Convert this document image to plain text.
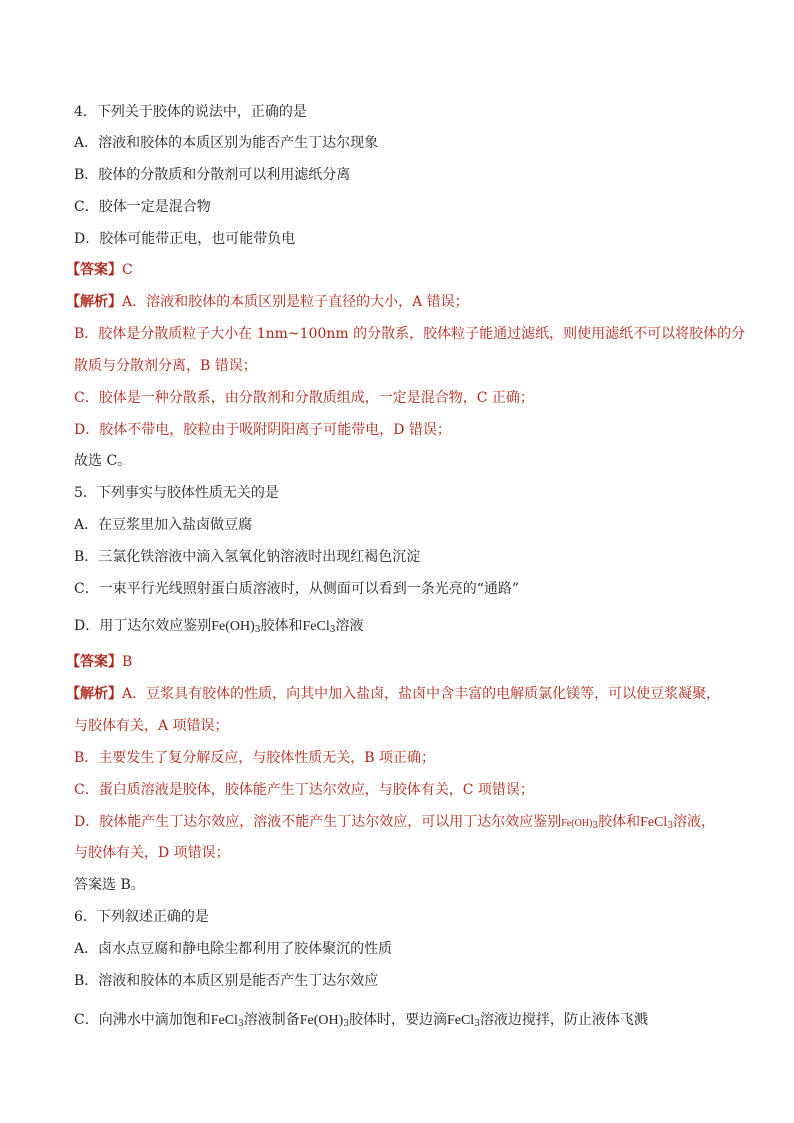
4．下列关于胶体的说法中，正确的是
A．溶液和胶体的本质区别为能否产生丁达尔现象
B．胶体的分散质和分散剂可以利用滤纸分离
C．胶体一定是混合物
D．胶体可能带正电，也可能带负电
【答案】C
【解析】A．溶液和胶体的本质区别是粒子直径的大小，A 错误；
B．胶体是分散质粒子大小在 1nm~100nm 的分散系，胶体粒子能通过滤纸，则使用滤纸不可以将胶体的分
散质与分散剂分离，B 错误；
C．胶体是一种分散系，由分散剂和分散质组成，一定是混合物，C 正确；
D．胶体不带电，胶粒由于吸附阴阳离子可能带电，D 错误；
故选 C。
5．下列事实与胶体性质无关的是
A．在豆浆里加入盐卤做豆腐
B．三氯化铁溶液中滴入氢氧化钠溶液时出现红褐色沉淀
C．一束平行光线照射蛋白质溶液时，从侧面可以看到一条光亮的“通路”
D．用丁达尔效应鉴别$Fe(OH)_3$胶体和FeCl$_3$溶液
【答案】B
【解析】A．豆浆具有胶体的性质，向其中加入盐卤，盐卤中含丰富的电解质氯化镁等，可以使豆浆凝聚，
与胶体有关，A 项错误；
B．主要发生了复分解反应，与胶体性质无关，B 项正确；
C．蛋白质溶液是胶体，胶体能产生丁达尔效应，与胶体有关，C 项错误；
D．胶体能产生丁达尔效应，溶液不能产生丁达尔效应，可以用丁达尔效应鉴别$Fe(OH)_3$胶体和FeCl$_3$溶液，
与胶体有关，D 项错误；
答案选 B。
6．下列叙述正确的是
A．卤水点豆腐和静电除尘都利用了胶体聚沉的性质
B．溶液和胶体的本质区别是能否产生丁达尔效应
C．向沸水中滴加饱和FeCl$_3$溶液制备$Fe(OH)_3$胶体时，要边滴FeCl$_3$溶液边搅拌，防止液体飞溅
